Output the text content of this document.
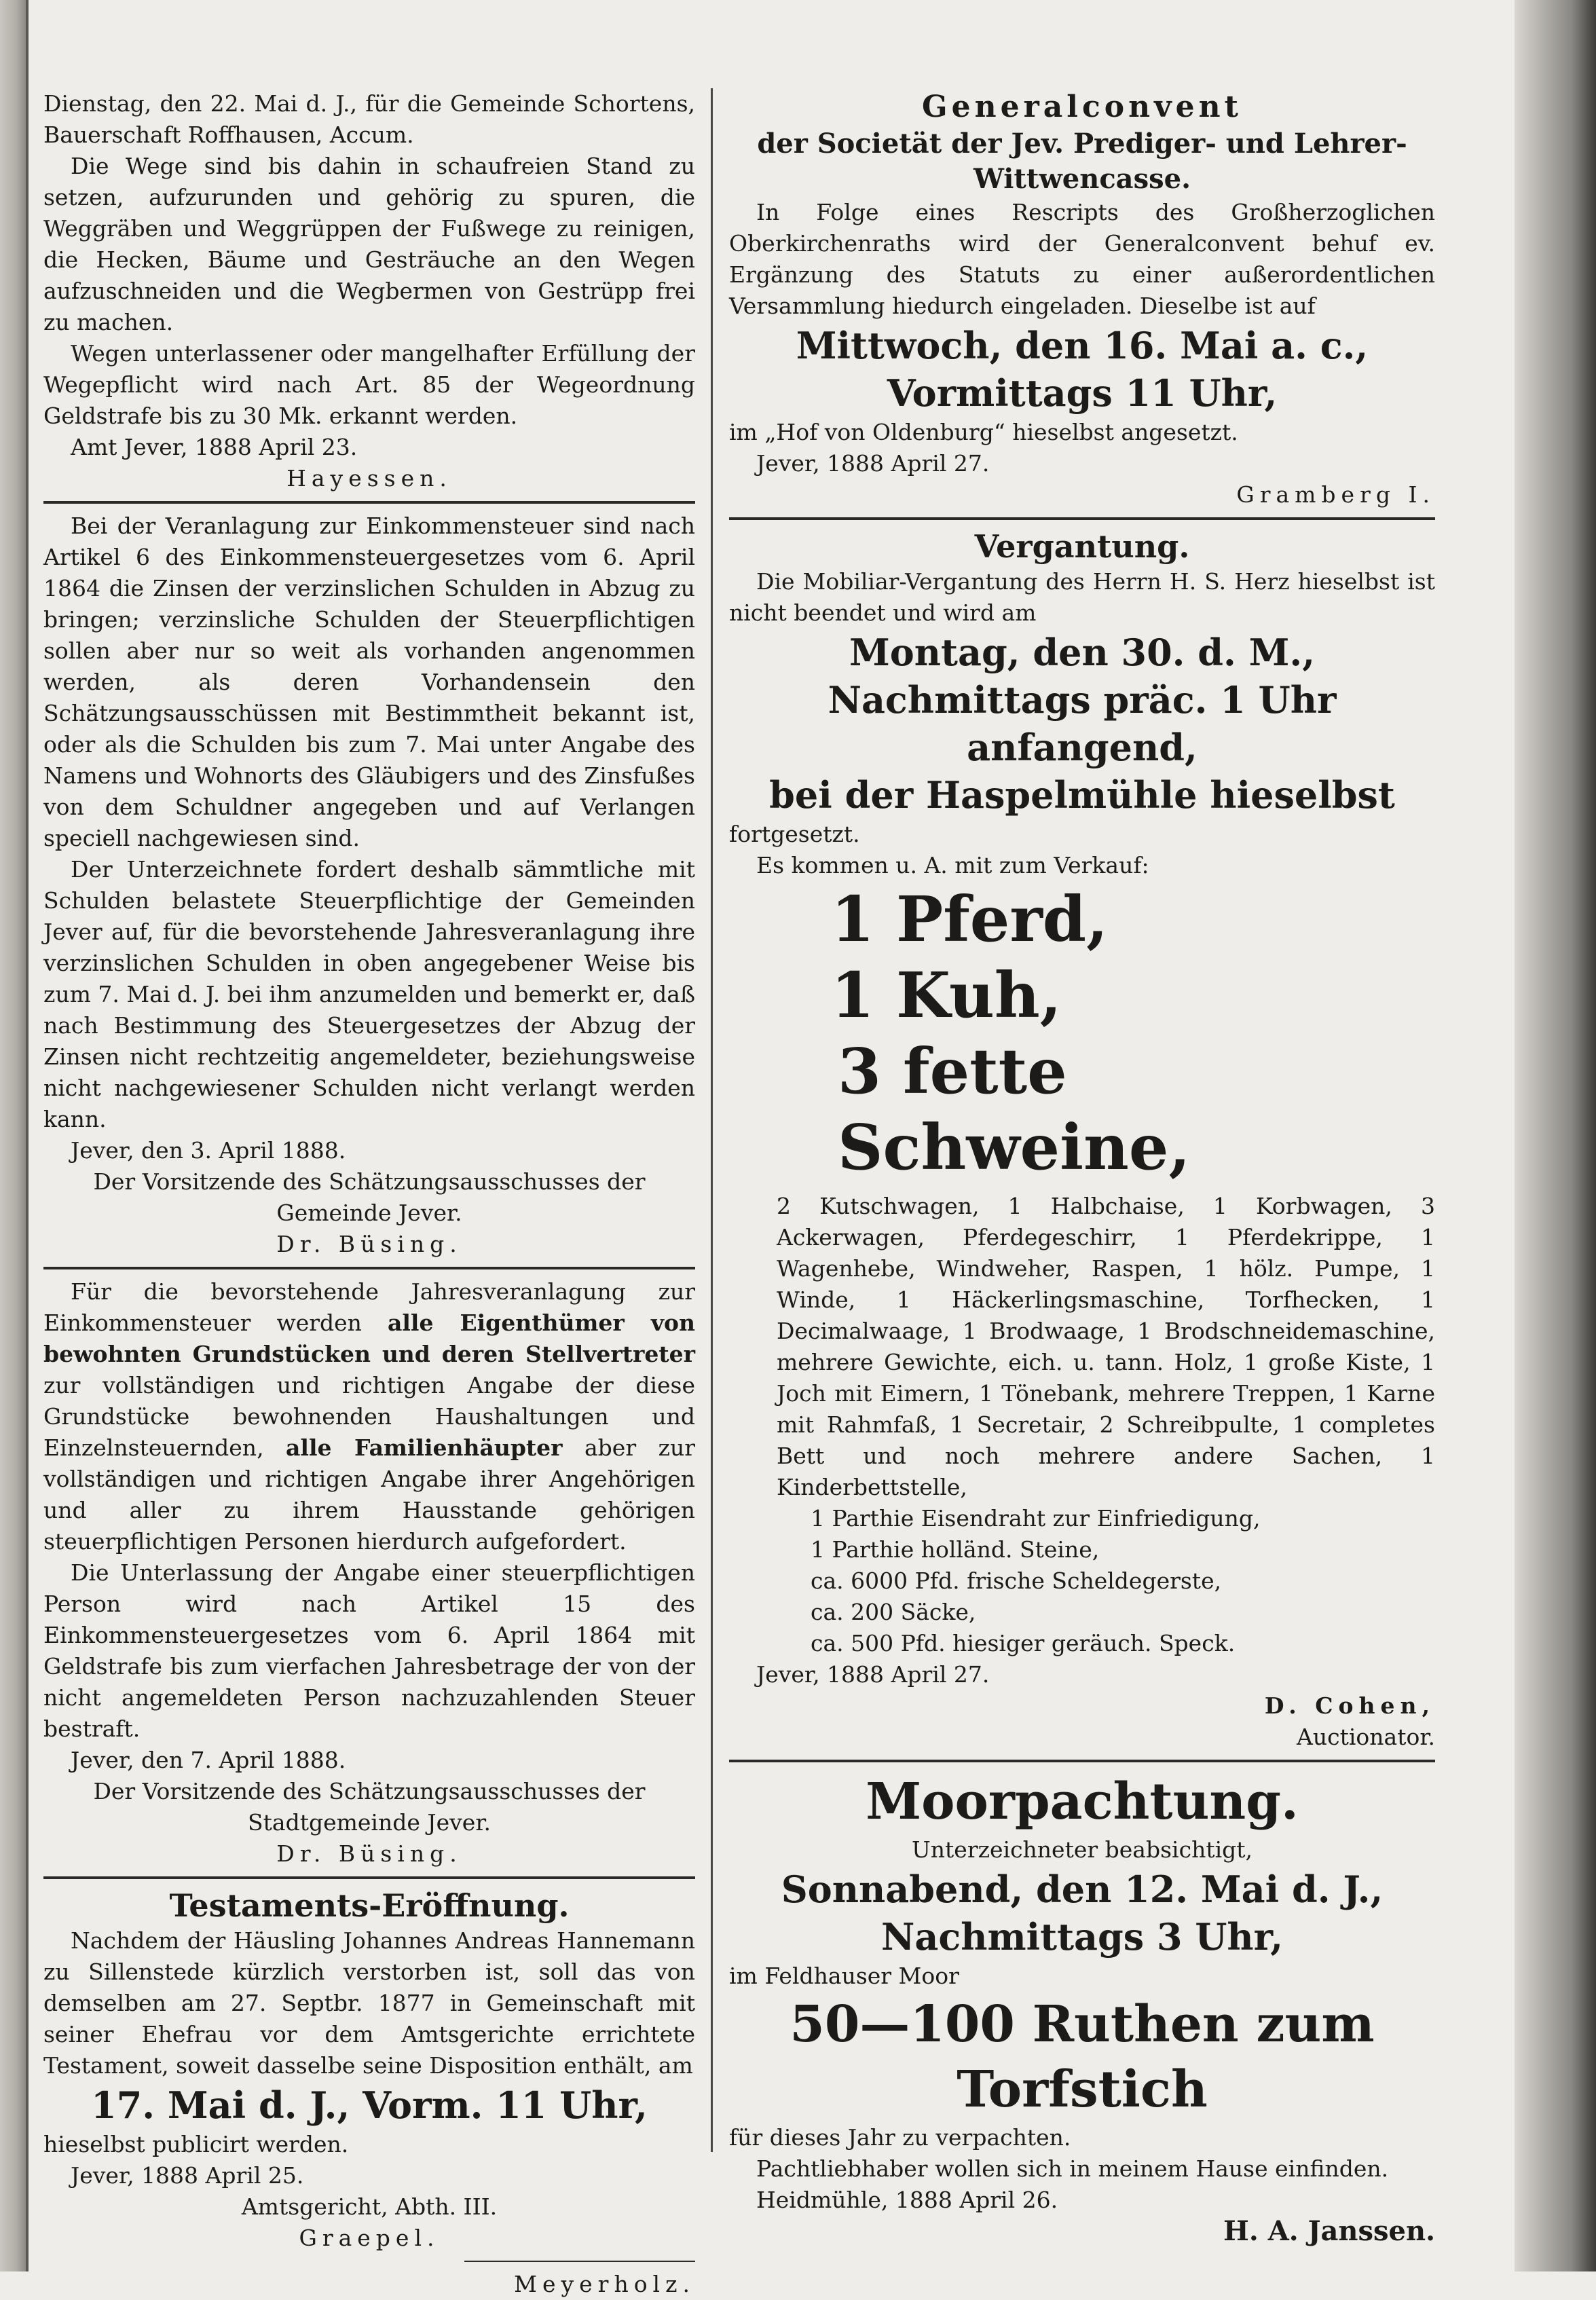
Dienstag, den 22. Mai d. J., für die Gemeinde Schortens, Bauerschaft Roffhausen, Accum.

Die Wege sind bis dahin in schaufreien Stand zu setzen, aufzurunden und gehörig zu spuren, die Weggräben und Weggrüppen der Fußwege zu reinigen, die Hecken, Bäume und Gesträuche an den Wegen aufzuschneiden und die Wegbermen von Gestrüpp frei zu machen.

Wegen unterlassener oder mangelhafter Erfüllung der Wegepflicht wird nach Art. 85 der Wegeordnung Geldstrafe bis zu 30 Mk. erkannt werden.

Amt Jever, 1888 April 23.

Hayessen.

Bei der Veranlagung zur Einkommensteuer sind nach Artikel 6 des Einkommensteuergesetzes vom 6. April 1864 die Zinsen der verzinslichen Schulden in Abzug zu bringen; verzinsliche Schulden der Steuerpflichtigen sollen aber nur so weit als vorhanden angenommen werden, als deren Vorhandensein den Schätzungsausschüssen mit Bestimmtheit bekannt ist, oder als die Schulden bis zum 7. Mai unter Angabe des Namens und Wohnorts des Gläubigers und des Zinsfußes von dem Schuldner angegeben und auf Verlangen speciell nachgewiesen sind.

Der Unterzeichnete fordert deshalb sämmtliche mit Schulden belastete Steuerpflichtige der Gemeinden Jever auf, für die bevorstehende Jahresveranlagung ihre verzinslichen Schulden in oben angegebener Weise bis zum 7. Mai d. J. bei ihm anzumelden und bemerkt er, daß nach Bestimmung des Steuergesetzes der Abzug der Zinsen nicht rechtzeitig angemeldeter, beziehungsweise nicht nachgewiesener Schulden nicht verlangt werden kann.

Jever, den 3. April 1888.

Der Vorsitzende des Schätzungsausschusses der Gemeinde Jever.

Dr. Büsing.

Für die bevorstehende Jahresveranlagung zur Einkommensteuer werden alle Eigenthümer von bewohnten Grundstücken und deren Stellvertreter zur vollständigen und richtigen Angabe der diese Grundstücke bewohnenden Haushaltungen und Einzelnsteuernden, alle Familienhäupter aber zur vollständigen und richtigen Angabe ihrer Angehörigen und aller zu ihrem Hausstande gehörigen steuerpflichtigen Personen hierdurch aufgefordert.

Die Unterlassung der Angabe einer steuerpflichtigen Person wird nach Artikel 15 des Einkommensteuergesetzes vom 6. April 1864 mit Geldstrafe bis zum vierfachen Jahresbetrage der von der nicht angemeldeten Person nachzuzahlenden Steuer bestraft.

Jever, den 7. April 1888.

Der Vorsitzende des Schätzungsausschusses der Stadtgemeinde Jever.

Dr. Büsing.

Testaments-Eröffnung.

Nachdem der Häusling Johannes Andreas Hannemann zu Sillenstede kürzlich verstorben ist, soll das von demselben am 27. Septbr. 1877 in Gemeinschaft mit seiner Ehefrau vor dem Amtsgerichte errichtete Testament, soweit dasselbe seine Disposition enthält, am

17. Mai d. J., Vorm. 11 Uhr,

hieselbst publicirt werden.

Jever, 1888 April 25.

Amtsgericht, Abth. III.

Graepel.

Meyerholz.

Generalconvent
der Societät der Jev. Prediger- und Lehrer-Wittwencasse.

In Folge eines Rescripts des Großherzoglichen Oberkirchenraths wird der Generalconvent behuf ev. Ergänzung des Statuts zu einer außerordentlichen Versammlung hiedurch eingeladen. Dieselbe ist auf

Mittwoch, den 16. Mai a. c.,
Vormittags 11 Uhr,

im „Hof von Oldenburg“ hieselbst angesetzt.

Jever, 1888 April 27.

Gramberg I.

Vergantung.

Die Mobiliar-Vergantung des Herrn H. S. Herz hieselbst ist nicht beendet und wird am

Montag, den 30. d. M.,
Nachmittags präc. 1 Uhr anfangend,
bei der Haspelmühle hieselbst

fortgesetzt.

Es kommen u. A. mit zum Verkauf:

1 Pferd,
1 Kuh,
3 fette Schweine,

2 Kutschwagen, 1 Halbchaise, 1 Korbwagen, 3 Ackerwagen, Pferdegeschirr, 1 Pferdekrippe, 1 Wagenhebe, Windweher, Raspen, 1 hölz. Pumpe, 1 Winde, 1 Häckerlingsmaschine, Torfhecken, 1 Decimalwaage, 1 Brodwaage, 1 Brodschneidemaschine, mehrere Gewichte, eich. u. tann. Holz, 1 große Kiste, 1 Joch mit Eimern, 1 Tönebank, mehrere Treppen, 1 Karne mit Rahmfaß, 1 Secretair, 2 Schreibpulte, 1 completes Bett und noch mehrere andere Sachen, 1 Kinderbettstelle,

1 Parthie Eisendraht zur Einfriedigung,

1 Parthie holländ. Steine,

ca. 6000 Pfd. frische Scheldegerste,

ca. 200 Säcke,

ca. 500 Pfd. hiesiger geräuch. Speck.

Jever, 1888 April 27.

D. Cohen,

Auctionator.

Moorpachtung.

Unterzeichneter beabsichtigt,

Sonnabend, den 12. Mai d. J.,
Nachmittags 3 Uhr,

im Feldhauser Moor

50—100 Ruthen zum
Torfstich

für dieses Jahr zu verpachten.

Pachtliebhaber wollen sich in meinem Hause einfinden.

Heidmühle, 1888 April 26.

H. A. Janssen.
